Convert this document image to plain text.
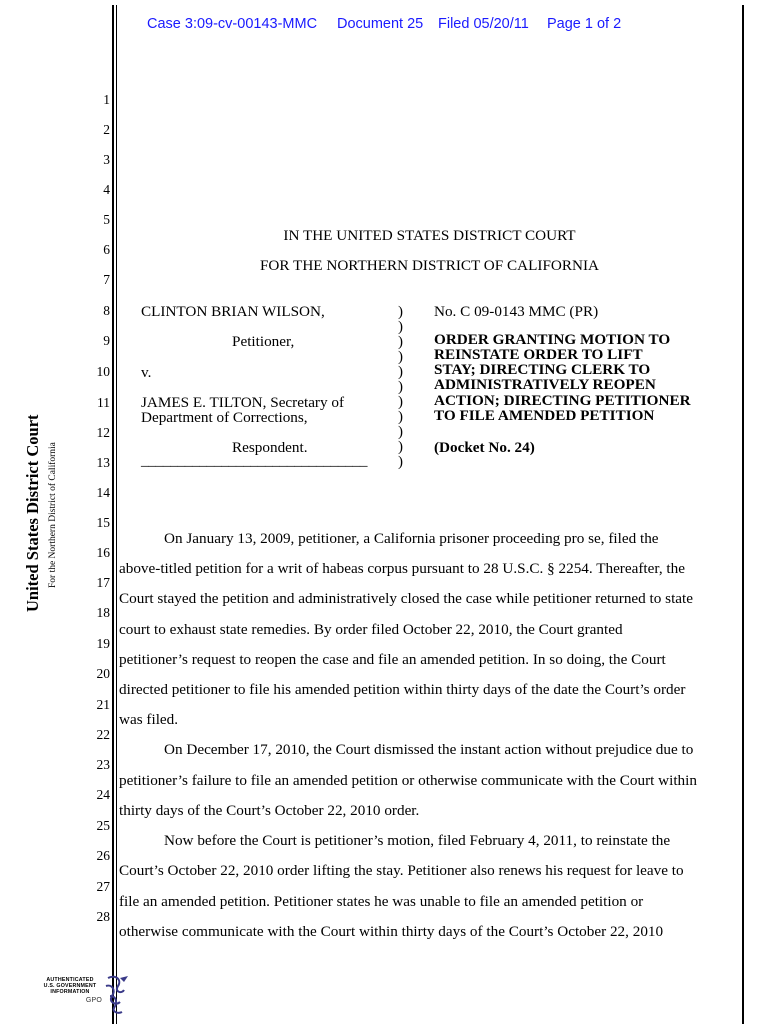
Case 3:09-cv-00143-MMC Document 25 Filed 05/20/11 Page 1 of 2
United States District Court For the Northern District of California
1
2
3
4
5
6
7
8
9
10
11
12
13
14
15
16
17
18
19
20
21
22
23
24
25
26
27
28
IN THE UNITED STATES DISTRICT COURT
FOR THE NORTHERN DISTRICT OF CALIFORNIA
CLINTON BRIAN WILSON,
Petitioner,
v.
JAMES E. TILTON, Secretary of
Department of Corrections,
Respondent.
_______________________________
)
)
)
)
)
)
)
)
)
)
)
No. C 09-0143 MMC (PR)
ORDER GRANTING MOTION TO
REINSTATE ORDER TO LIFT
STAY; DIRECTING CLERK TO
ADMINISTRATIVELY REOPEN
ACTION; DIRECTING PETITIONER
TO FILE AMENDED PETITION
(Docket No. 24)
On January 13, 2009, petitioner, a California prisoner proceeding pro se, filed the
above-titled petition for a writ of habeas corpus pursuant to 28 U.S.C. § 2254. Thereafter, the
Court stayed the petition and administratively closed the case while petitioner returned to state
court to exhaust state remedies. By order filed October 22, 2010, the Court granted
petitioner’s request to reopen the case and file an amended petition. In so doing, the Court
directed petitioner to file his amended petition within thirty days of the date the Court’s order
was filed.
On December 17, 2010, the Court dismissed the instant action without prejudice due to
petitioner’s failure to file an amended petition or otherwise communicate with the Court within
thirty days of the Court’s October 22, 2010 order.
Now before the Court is petitioner’s motion, filed February 4, 2011, to reinstate the
Court’s October 22, 2010 order lifting the stay. Petitioner also renews his request for leave to
file an amended petition. Petitioner states he was unable to file an amended petition or
otherwise communicate with the Court within thirty days of the Court’s October 22, 2010
AUTHENTICATED
U.S. GOVERNMENT
INFORMATION
GPO
